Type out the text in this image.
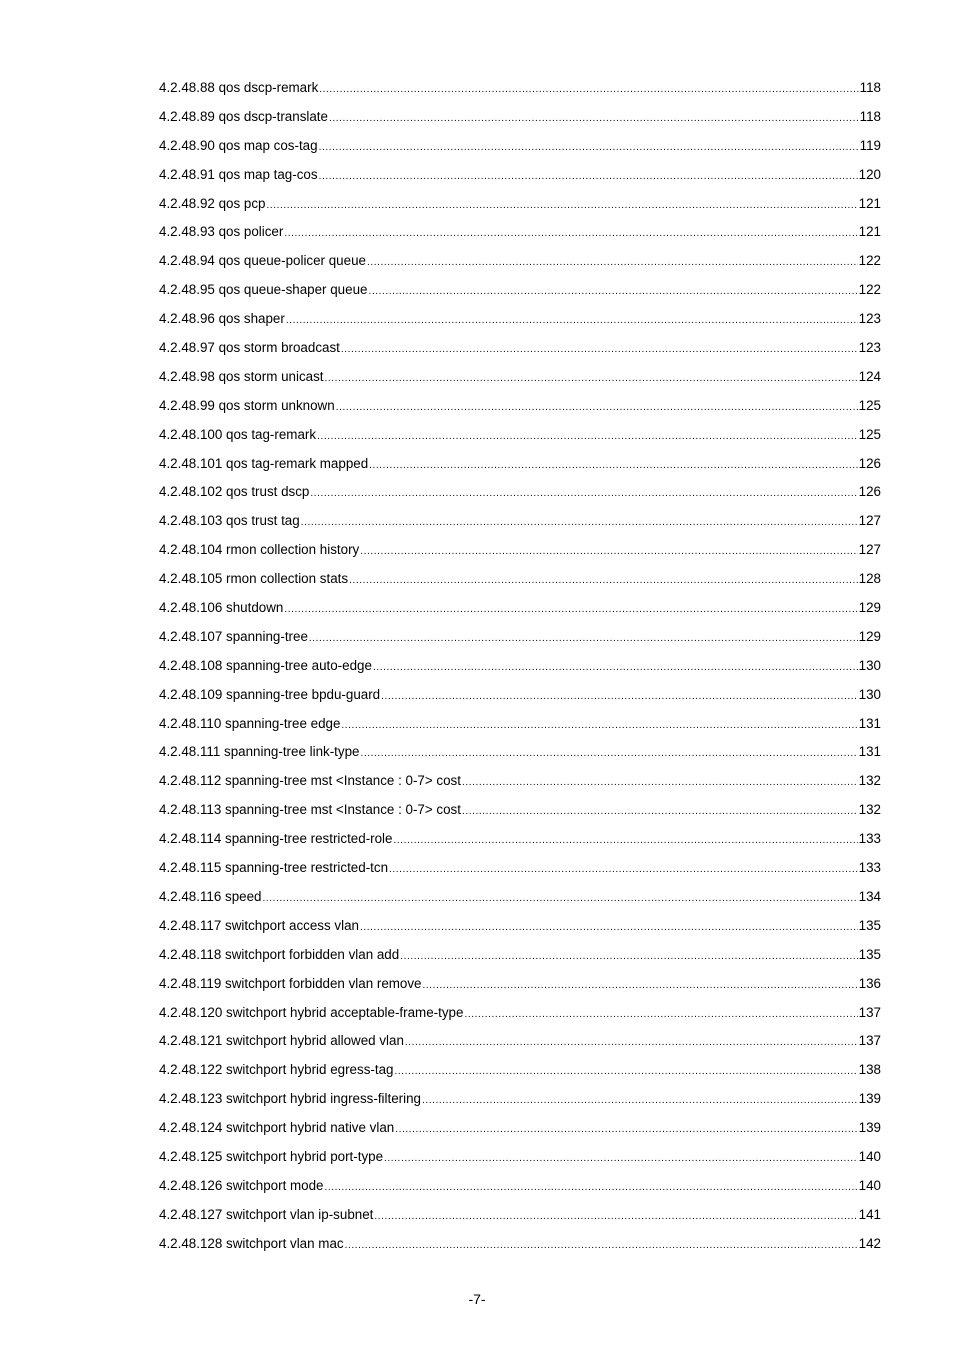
4.2.48.88 qos dscp-remark .....	118
4.2.48.89 qos dscp-translate .....	118
4.2.48.90 qos map cos-tag .....	119
4.2.48.91 qos map tag-cos .....	120
4.2.48.92 qos pcp .....	121
4.2.48.93 qos policer .....	121
4.2.48.94 qos queue-policer queue .....	122
4.2.48.95 qos queue-shaper queue .....	122
4.2.48.96 qos shaper .....	123
4.2.48.97 qos storm broadcast .....	123
4.2.48.98 qos storm unicast .....	124
4.2.48.99 qos storm unknown .....	125
4.2.48.100 qos tag-remark .....	125
4.2.48.101 qos tag-remark mapped .....	126
4.2.48.102 qos trust dscp .....	126
4.2.48.103 qos trust tag .....	127
4.2.48.104 rmon collection history .....	127
4.2.48.105 rmon collection stats .....	128
4.2.48.106 shutdown .....	129
4.2.48.107 spanning-tree .....	129
4.2.48.108 spanning-tree auto-edge .....	130
4.2.48.109 spanning-tree bpdu-guard .....	130
4.2.48.110 spanning-tree edge .....	131
4.2.48.111 spanning-tree link-type .....	131
4.2.48.112 spanning-tree mst <Instance : 0-7> cost .....	132
4.2.48.113 spanning-tree mst <Instance : 0-7> cost .....	132
4.2.48.114 spanning-tree restricted-role .....	133
4.2.48.115 spanning-tree restricted-tcn .....	133
4.2.48.116 speed .....	134
4.2.48.117 switchport access vlan .....	135
4.2.48.118 switchport forbidden vlan add .....	135
4.2.48.119 switchport forbidden vlan remove .....	136
4.2.48.120 switchport hybrid acceptable-frame-type .....	137
4.2.48.121 switchport hybrid allowed vlan .....	137
4.2.48.122 switchport hybrid egress-tag .....	138
4.2.48.123 switchport hybrid ingress-filtering .....	139
4.2.48.124 switchport hybrid native vlan .....	139
4.2.48.125 switchport hybrid port-type .....	140
4.2.48.126 switchport mode .....	140
4.2.48.127 switchport vlan ip-subnet .....	141
4.2.48.128 switchport vlan mac .....	142
-7-
